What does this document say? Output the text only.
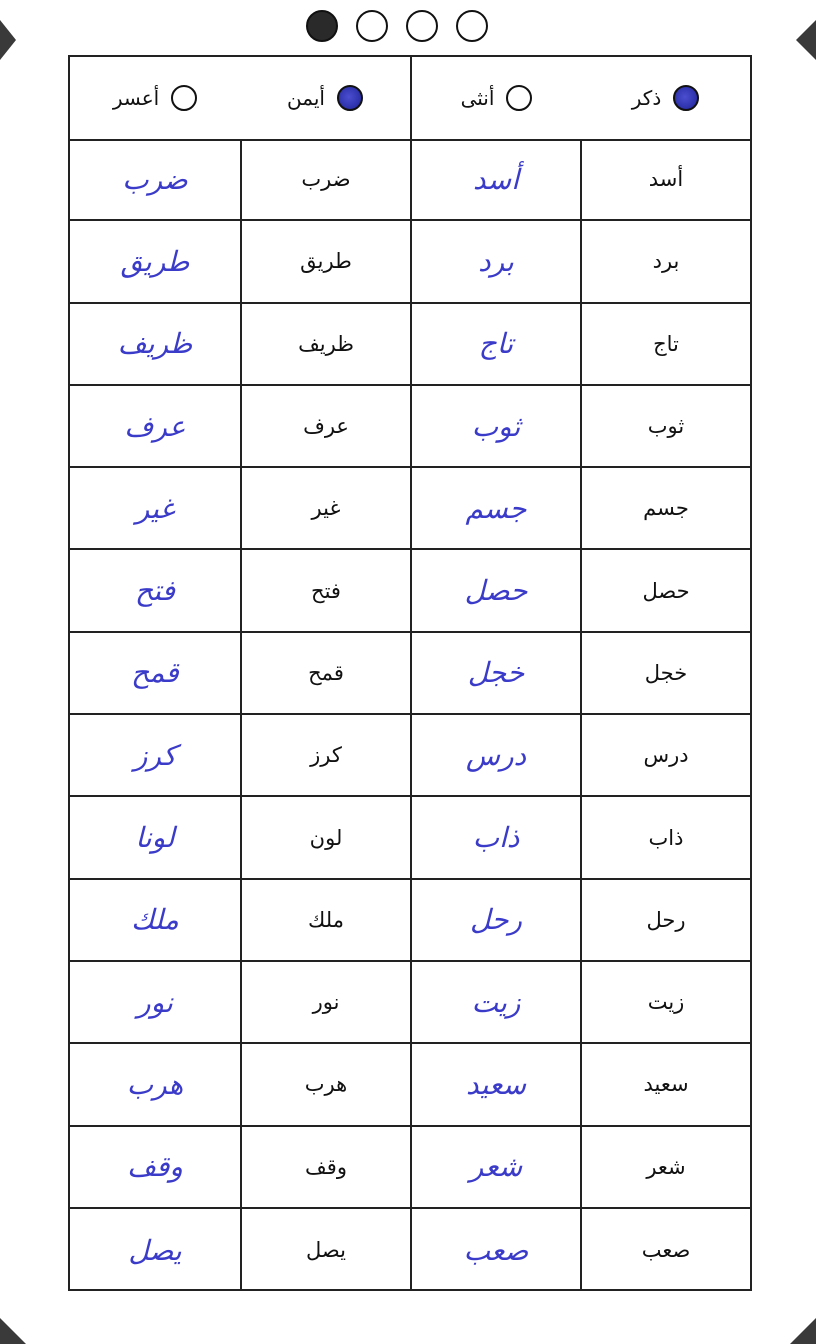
ذكر
أنثى
أيمن
أعسر
أسد
أسد
ضرب
ضرب
برد
برد
طريق
طريق
تاج
تاج
ظريف
ظريف
ثوب
ثوب
عرف
عرف
جسم
جسم
غير
غير
حصل
حصل
فتح
فتح
خجل
خجل
قمح
قمح
درس
درس
كرز
كرز
ذاب
ذاب
لون
لونا
رحل
رحل
ملك
ملك
زيت
زيت
نور
نور
سعيد
سعيد
هرب
هرب
شعر
شعر
وقف
وقف
صعب
صعب
يصل
يصل
